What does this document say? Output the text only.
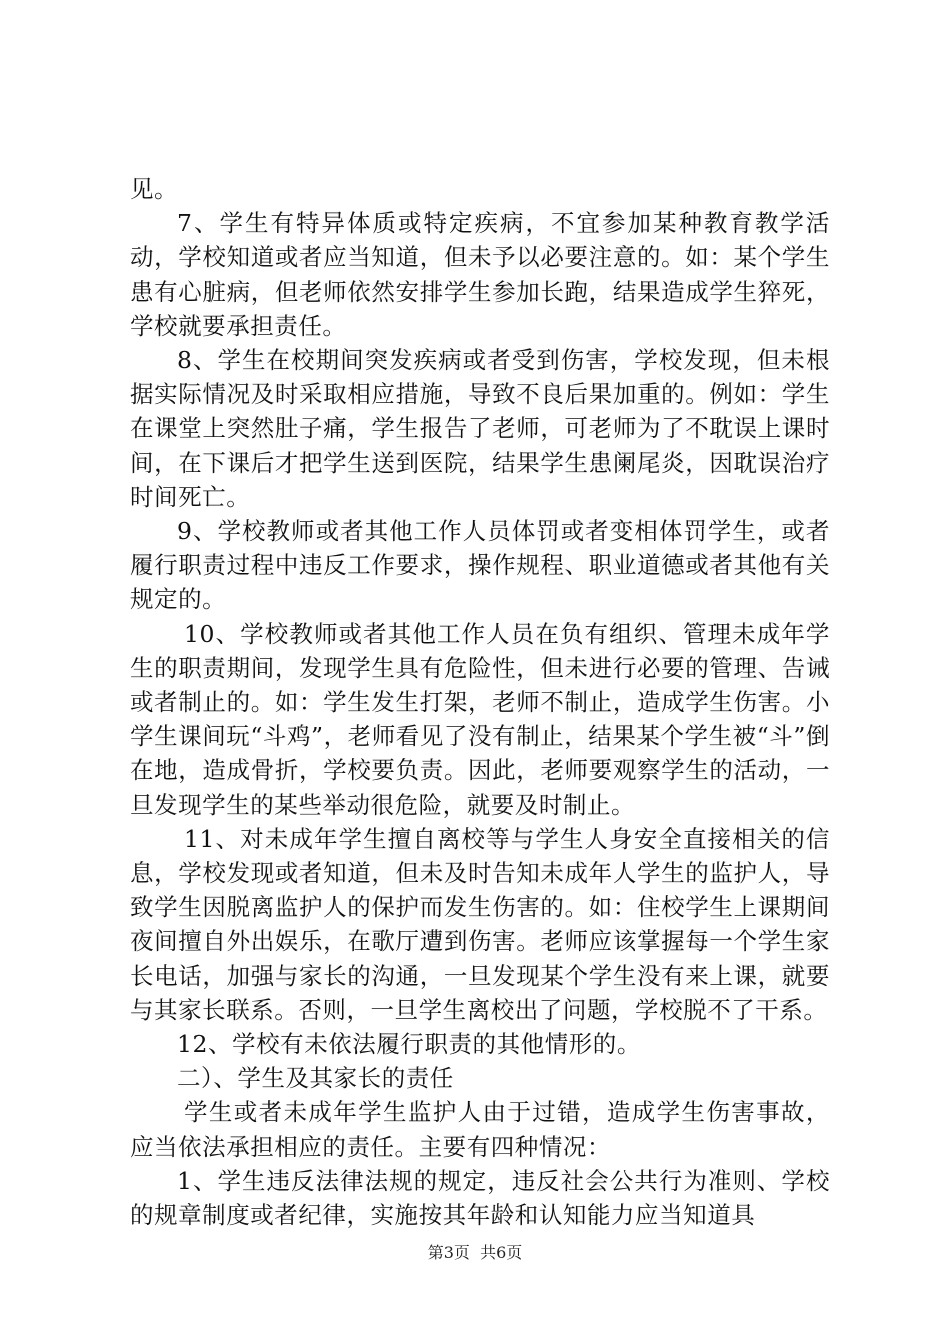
见。

7、学生有特异体质或特定疾病，不宜参加某种教育教学活动，学校知道或者应当知道，但未予以必要注意的。如：某个学生患有心脏病，但老师依然安排学生参加长跑，结果造成学生猝死，学校就要承担责任。

8、学生在校期间突发疾病或者受到伤害，学校发现，但未根据实际情况及时采取相应措施，导致不良后果加重的。例如：学生在课堂上突然肚子痛，学生报告了老师，可老师为了不耽误上课时间，在下课后才把学生送到医院，结果学生患阑尾炎，因耽误治疗时间死亡。

9、学校教师或者其他工作人员体罚或者变相体罚学生，或者履行职责过程中违反工作要求，操作规程、职业道德或者其他有关规定的。

10、学校教师或者其他工作人员在负有组织、管理未成年学生的职责期间，发现学生具有危险性，但未进行必要的管理、告诫或者制止的。如：学生发生打架，老师不制止，造成学生伤害。小学生课间玩“斗鸡”，老师看见了没有制止，结果某个学生被“斗”倒在地，造成骨折，学校要负责。因此，老师要观察学生的活动，一旦发现学生的某些举动很危险，就要及时制止。

11、对未成年学生擅自离校等与学生人身安全直接相关的信息，学校发现或者知道，但未及时告知未成年人学生的监护人，导致学生因脱离监护人的保护而发生伤害的。如：住校学生上课期间夜间擅自外出娱乐，在歌厅遭到伤害。老师应该掌握每一个学生家长电话，加强与家长的沟通，一旦发现某个学生没有来上课，就要与其家长联系。否则，一旦学生离校出了问题，学校脱不了干系。

12、学校有未依法履行职责的其他情形的。

二）、学生及其家长的责任

学生或者未成年学生监护人由于过错，造成学生伤害事故，应当依法承担相应的责任。主要有四种情况：

1、学生违反法律法规的规定，违反社会公共行为准则、学校的规章制度或者纪律，实施按其年龄和认知能力应当知道具

第3页 共6页
